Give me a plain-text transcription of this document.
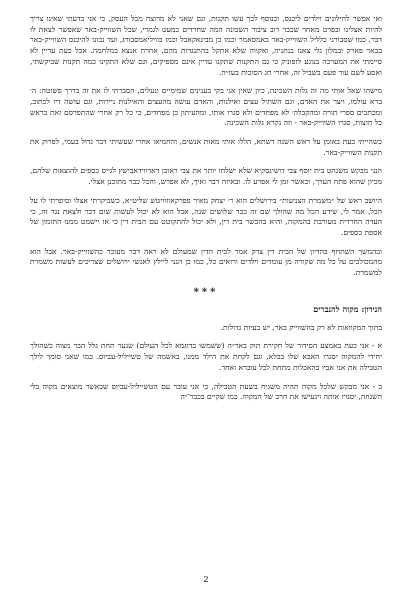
ואי אפשר לחילונים וילדים ליכנס, ובנוסף לכך עשו תקנות, וגם שאני לא מרוצה מכל העסק, כי אני בדעתי שאינו צריך להיות אצלינו ובפרט מאחר שכבר רוב ציבור השכונה המה שחרדים כמעט לגמרי, שכל השווייק-באר שאפשר לצאת לו דבר, כמו שסבורני כלליל השווייק-באר באמסאמר וכמו כן מבינאקאבל וכמו בוויליאמסבורג, ועד נכונו להיכנס השווייק-באר בבאר פארק ובמלון גלי צאנז בנתניה, ואקווה שלא אתקל בהתנגדות מהם, אחרת אנצא במלחמה. אבל כעת עדיין לא סיימתי את המערכה בנוגע לזפוניק כי גם התקנות שתקנו עדיין אינם מספיקים, וגם שלא התקינו כמה תקנות שביקשתי, ואסע לשם עוד פעם בשביל זה, אחרי חג הסוכות בעז״ה.

מישהו שאל אותי מה זה גלות השכינה, כיון שאין אני בקי בענינים שמימיים ונעלים, הסברתי לו את זה בדרך פשוטה: ה׳ ברא עולמו, ויצר את האדם, וגם השתיל עצים ואילנות, והאדם עושה מהעצים והאילנות ניירות, וגם עושה דיו לכתוב, ומכתבים ספרי תורה ומהקבלה׳ לא מפחדים ולא סגרו אותו, ומהעיתון כן מפחדים, כי כל רק אחרי שהתפרסם זאת בראש כל חוצות, סגרו השווייק-באר - וזה נקרא גלות השכינה.

כשהייתי כעת באומן על ראש השנה דשתא, הללו אותי מאות אנשים, והחמיאו אחרי שעשיתי דבר גדול בעמי, לפרוק את תקנות השווייק-באר.

הנני מבקש משנהט בית יוסף צבי דושינסקיא שלא ישלחו יותר את צבי ראובן דאדווידאבישץ לגייס כספים להוצאות שלהם, מכיון שהוא פתח הערך, וכאשר זמן לי אפרע לו. ובאיזה דבר ואיך, לא אפרש, והכל כבר מתוכנן אצלי.

היושב ראש של ״משמרת הצניעות״ בירושלים הוא ר׳ יצחק מאיר פפרקאוזוויטש שליט״א, כשביקרתי אצלו וסיפרתי לו על הכל, אמר לי, שידע הכל מה שהולך שם זה כבר שלושים שנה, אבל הוא לא יכול לעשות שום דבר ולצאת נגד זה, כי העדה החרדית מעורבת בהמקוה, והיא בהכשר בית דין, ולא יכול להתקוטט עם הבית דין כי אז יישמט ממנו התזמון של אספת כספים.

ובהמשך השתחף בהדיון של הבית דין צדק אמר לבית הדין שמעולם לא ראה דבר מעוכר כהשווייק-באר. אבל הוא מהמכולכים על כל מה שקורה מן עומדים וילדים ורואים כל, כמו כן הנני ליילץ לאנשי ירושלים שצריכים לעשות משמרת למשמרת.

***
הנידון: מקוה להנברים

בתוך המקוואות לא רק בהשווייק באר, יש בעיות גדולות.

א - אני כעת באמצע הסידור של חקירת תוק באר״ה (ששמשו בדוגמא לכל העולם) שגער תחת גלל הבר מצוה כשהולך יחידי להמקוה יסגרו האבא שלו בכלא, וגם לקחת את הילד ממנו, באשמה של טשייליל-עביוס. כמו שאני סומך לילך הטבילה את אני אביו בהאכלות מתחת לכל עוברא ואחד.

ב - אני מבקש שלכל מקוה תהיה משגיח בשעת הטבילה, כי אני עובר עם הטשייליל-עביוס שכאשר מוצאים מקוה בלי השגחה, יסגרו אותה וינעישו את הרב של המקוה. כמו שקיים בכבר־יה

2
